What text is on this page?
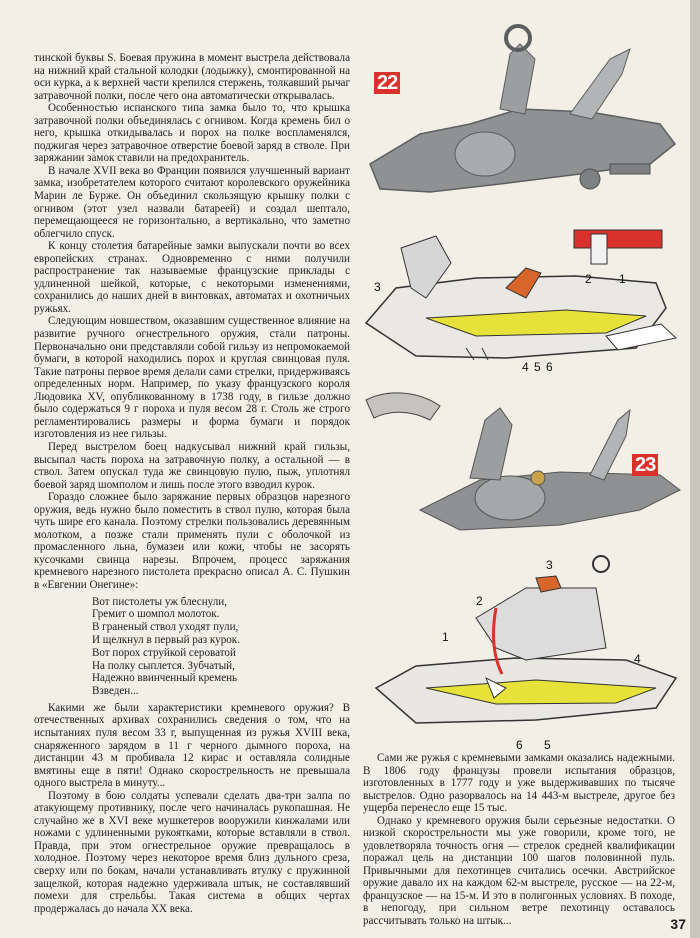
тинской буквы S. Боевая пружина в момент выстрела действовала на нижний край стальной колодки (лодыжку), смонтированной на оси курка, а к верхней части крепился стержень, толкавший рычаг затравочной полки, после чего она автоматически открывалась.

Особенностью испанского типа замка было то, что крышка затравочной полки объединялась с огнивом. Когда кремень бил о него, крышка откидывалась и порох на полке воспламенялся, поджигая через затравочное отверстие боевой заряд в стволе. При заряжании замок ставили на предохранитель.

В начале XVII века во Франции появился улучшенный вариант замка, изобретателем которого считают королевского оружейника Марин ле Бурже. Он объединил скользящую крышку полки с огнивом (этот узел назвали батареей) и создал шептало, перемещающееся не горизонтально, а вертикально, что заметно облегчило спуск.

К концу столетия батарейные замки выпускали почти во всех европейских странах. Одновременно с ними получили распространение так называемые французские приклады с удлиненной шейкой, которые, с некоторыми изменениями, сохранились до наших дней в винтовках, автоматах и охотничьих ружьях.

Следующим новшеством, оказавшим существенное влияние на развитие ручного огнестрельного оружия, стали патроны. Первоначально они представляли собой гильзу из непромокаемой бумаги, в которой находились порох и круглая свинцовая пуля. Такие патроны первое время делали сами стрелки, придерживаясь определенных норм. Например, по указу французского короля Людовика XV, опубликованному в 1738 году, в гильзе должно было содержаться 9 г пороха и пуля весом 28 г. Столь же строго регламентировались размеры и форма бумаги и порядок изготовления из нее гильзы.

Перед выстрелом боец надкусывал нижний край гильзы, высыпал часть пороха на затравочную полку, а остальной — в ствол. Затем опускал туда же свинцовую пулю, пыж, уплотнял боевой заряд шомполом и лишь после этого взводил курок.

Гораздо сложнее было заряжание первых образцов нарезного оружия, ведь нужно было поместить в ствол пулю, которая была чуть шире его канала. Поэтому стрелки пользовались деревянным молотком, а позже стали применять пули с оболочкой из промасленного льна, бумазеи или кожи, чтобы не засорять кусочками свинца нарезы. Впрочем, процесс заряжания кремневого нарезного пистолета прекрасно описал А. С. Пушкин в «Евгении Онегине»:

Вот пистолеты уж блеснули,
Гремит о шомпол молоток.
В граненый ствол уходят пули,
И щелкнул в первый раз курок.
Вот порох струйкой сероватой
На полку сыплется. Зубчатый,
Надежно ввинченный кремень
Взведен...

Какими же были характеристики кремневого оружия? В отечественных архивах сохранились сведения о том, что на испытаниях пуля весом 33 г, выпущенная из ружья XVIII века, снаряженного зарядом в 11 г черного дымного пороха, на дистанции 43 м пробивала 12 кирас и оставляла солидные вмятины еще в пяти! Однако скорострельность не превышала одного выстрела в минуту...

Поэтому в бою солдаты успевали сделать два-три залпа по атакующему противнику, после чего начиналась рукопашная. Не случайно же в XVI веке мушкетеров вооружили кинжалами или ножами с удлиненными рукоятками, которые вставляли в ствол. Правда, при этом огнестрельное оружие превращалось в холодное. Поэтому через некоторое время близ дульного среза, сверху или по бокам, начали устанавливать втулку с пружинной защелкой, которая надежно удерживала штык, не составлявший помехи для стрельбы. Такая система в общих чертах продержалась до начала XX века.

22
3
2 1
4 5 6
23
3
2
1
4
6 5

Сами же ружья с кремневыми замками оказались надежными. В 1806 году французы провели испытания образцов, изготовленных в 1777 году и уже выдерживавших по тысяче выстрелов. Одно разорвалось на 14 443-м выстреле, другое без ущерба перенесло еще 15 тыс.

Однако у кремневого оружия были серьезные недостатки. О низкой скорострельности мы уже говорили, кроме того, не удовлетворяла точность огня — стрелок средней квалификации поражал цель на дистанции 100 шагов половинной пуль. Привычными для пехотинцев считались осечки. Австрийское оружие давало их на каждом 62-м выстреле, русское — на 22-м, французское — на 15-м. И это в полигонных условиях. В походе, в непогоду, при сильном ветре пехотинцу оставалось рассчитывать только на штык...	37
